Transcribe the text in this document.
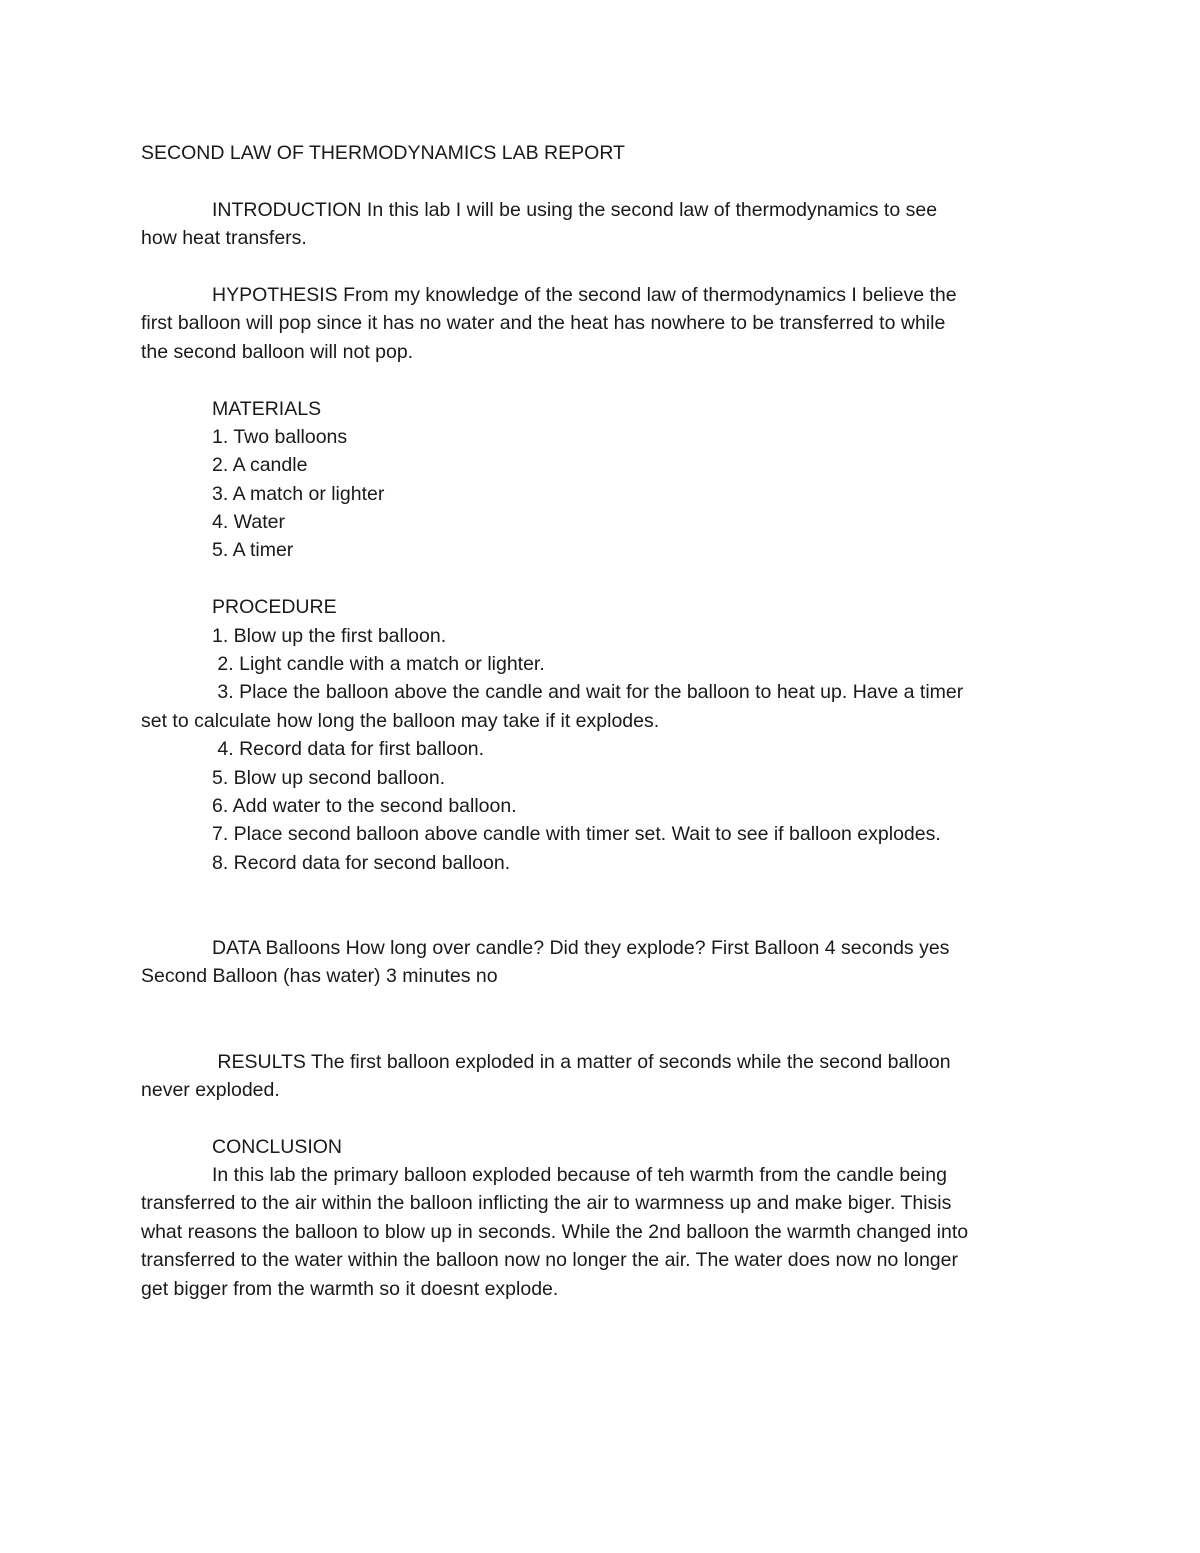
SECOND LAW OF THERMODYNAMICS LAB REPORT
INTRODUCTION In this lab I will be using the second law of thermodynamics to see
how heat transfers.
HYPOTHESIS From my knowledge of the second law of thermodynamics I believe the
first balloon will pop since it has no water and the heat has nowhere to be transferred to while
the second balloon will not pop.
MATERIALS
1. Two balloons
2. A candle
3. A match or lighter
4. Water
5. A timer
PROCEDURE
1. Blow up the first balloon.
2. Light candle with a match or lighter.
3. Place the balloon above the candle and wait for the balloon to heat up. Have a timer
set to calculate how long the balloon may take if it explodes.
4. Record data for first balloon.
5. Blow up second balloon.
6. Add water to the second balloon.
7. Place second balloon above candle with timer set. Wait to see if balloon explodes.
8. Record data for second balloon.
DATA Balloons How long over candle? Did they explode? First Balloon 4 seconds yes
Second Balloon (has water) 3 minutes no
RESULTS The first balloon exploded in a matter of seconds while the second balloon
never exploded.
CONCLUSION
In this lab the primary balloon exploded because of teh warmth from the candle being
transferred to the air within the balloon inflicting the air to warmness up and make biger. Thisis
what reasons the balloon to blow up in seconds. While the 2nd balloon the warmth changed into
transferred to the water within the balloon now no longer the air. The water does now no longer
get bigger from the warmth so it doesnt explode.
